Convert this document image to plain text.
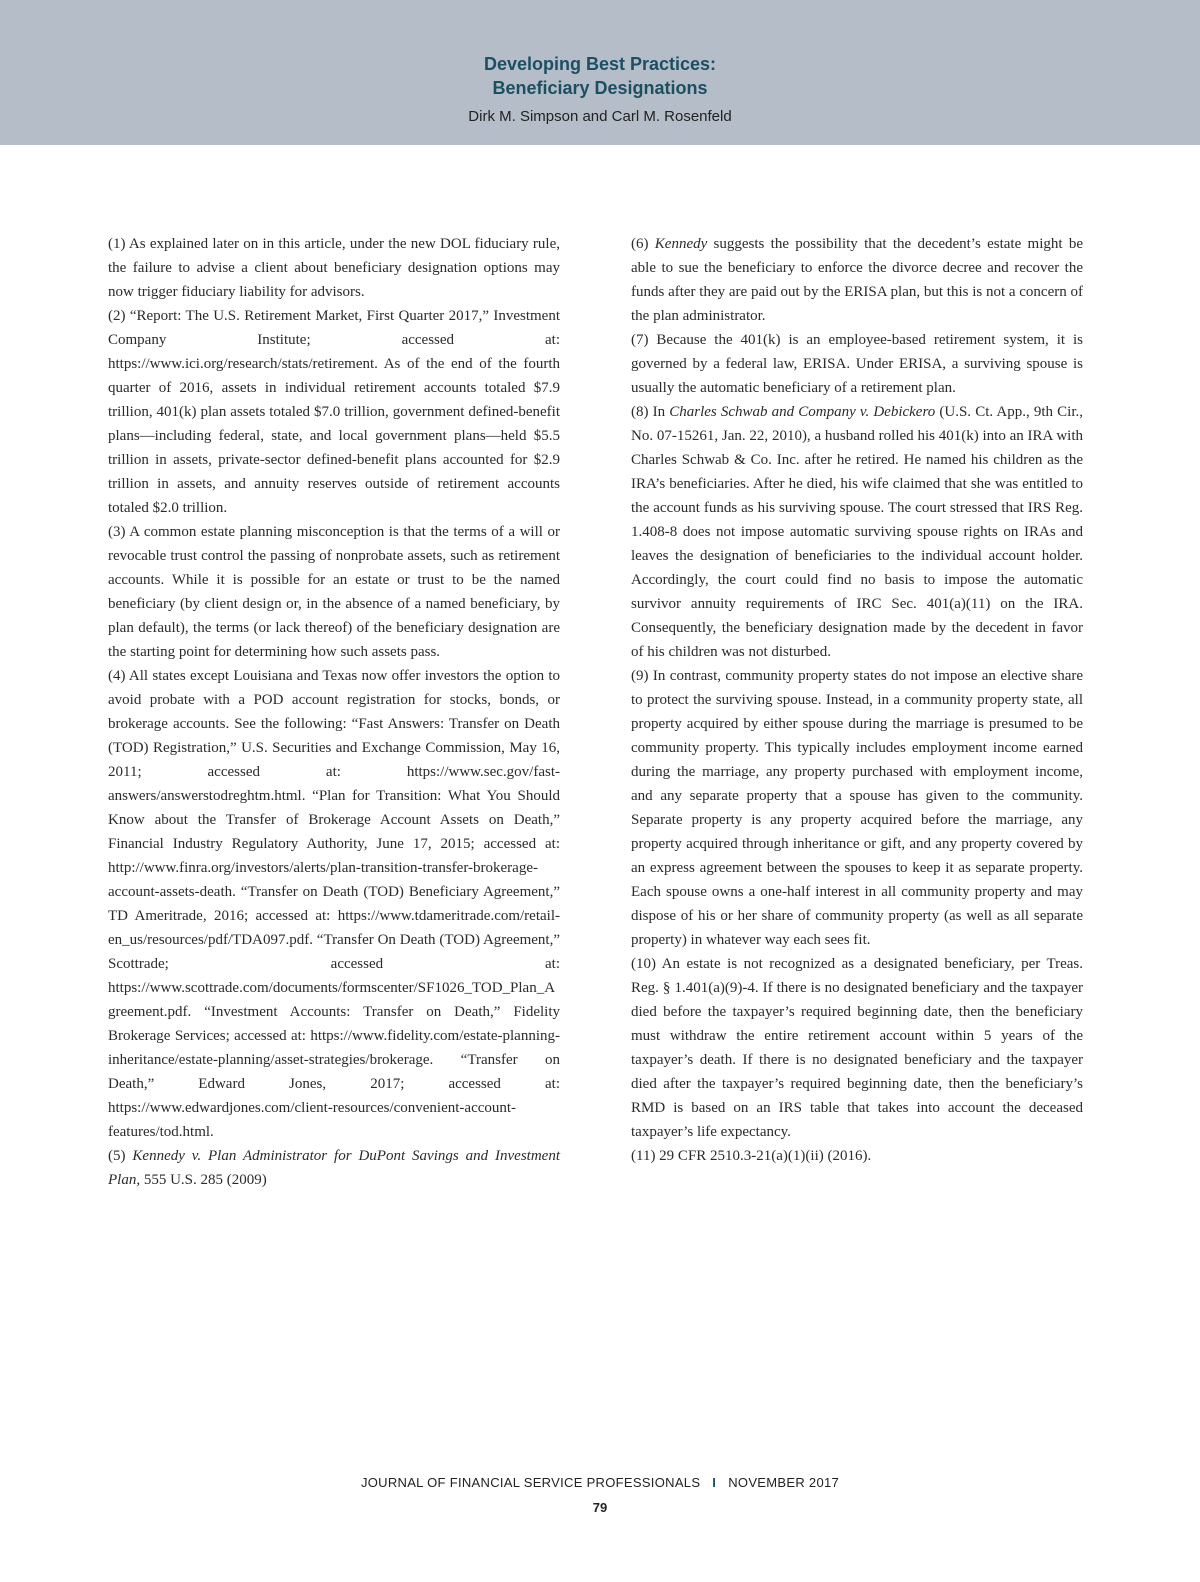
Developing Best Practices:
Beneficiary Designations
Dirk M. Simpson and Carl M. Rosenfeld

(1) As explained later on in this article, under the new DOL fiduciary rule, the failure to advise a client about beneficiary designation options may now trigger fiduciary liability for advisors.

(2) “Report: The U.S. Retirement Market, First Quarter 2017,” Investment Company Institute; accessed at: https://www.ici.org/research/stats/retirement. As of the end of the fourth quarter of 2016, assets in individual retirement accounts totaled $7.9 trillion, 401(k) plan assets totaled $7.0 trillion, government defined-benefit plans—including federal, state, and local government plans—held $5.5 trillion in assets, private-sector defined-benefit plans accounted for $2.9 trillion in assets, and annuity reserves outside of retirement accounts totaled $2.0 trillion.

(3) A common estate planning misconception is that the terms of a will or revocable trust control the passing of nonprobate assets, such as retirement accounts. While it is possible for an estate or trust to be the named beneficiary (by client design or, in the absence of a named beneficiary, by plan default), the terms (or lack thereof) of the beneficiary designation are the starting point for determining how such assets pass.

(4) All states except Louisiana and Texas now offer investors the option to avoid probate with a POD account registration for stocks, bonds, or brokerage accounts. See the following: “Fast Answers: Transfer on Death (TOD) Registration,” U.S. Securities and Exchange Commission, May 16, 2011; accessed at: https://www.sec.gov/fast-answers/answerstodreghtm.html. “Plan for Transition: What You Should Know about the Transfer of Brokerage Account Assets on Death,” Financial Industry Regulatory Authority, June 17, 2015; accessed at: http://www.finra.org/investors/alerts/plan-transition-transfer-brokerage-account-assets-death. “Transfer on Death (TOD) Beneficiary Agreement,” TD Ameritrade, 2016; accessed at: https://www.tdameritrade.com/retail-en_us/resources/pdf/TDA097.pdf. “Transfer On Death (TOD) Agreement,” Scottrade; accessed at: https://www.scottrade.com/documents/formscenter/SF1026_TOD_Plan_Agreement.pdf. “Investment Accounts: Transfer on Death,” Fidelity Brokerage Services; accessed at: https://www.fidelity.com/estate-planning-inheritance/estate-planning/asset-strategies/brokerage. “Transfer on Death,” Edward Jones, 2017; accessed at: https://www.edwardjones.com/client-resources/convenient-account-features/tod.html.

(5) Kennedy v. Plan Administrator for DuPont Savings and Investment Plan, 555 U.S. 285 (2009)

(6) Kennedy suggests the possibility that the decedent’s estate might be able to sue the beneficiary to enforce the divorce decree and recover the funds after they are paid out by the ERISA plan, but this is not a concern of the plan administrator.

(7) Because the 401(k) is an employee-based retirement system, it is governed by a federal law, ERISA. Under ERISA, a surviving spouse is usually the automatic beneficiary of a retirement plan.

(8) In Charles Schwab and Company v. Debickero (U.S. Ct. App., 9th Cir., No. 07-15261, Jan. 22, 2010), a husband rolled his 401(k) into an IRA with Charles Schwab & Co. Inc. after he retired. He named his children as the IRA’s beneficiaries. After he died, his wife claimed that she was entitled to the account funds as his surviving spouse. The court stressed that IRS Reg. 1.408-8 does not impose automatic surviving spouse rights on IRAs and leaves the designation of beneficiaries to the individual account holder. Accordingly, the court could find no basis to impose the automatic survivor annuity requirements of IRC Sec. 401(a)(11) on the IRA. Consequently, the beneficiary designation made by the decedent in favor of his children was not disturbed.

(9) In contrast, community property states do not impose an elective share to protect the surviving spouse. Instead, in a community property state, all property acquired by either spouse during the marriage is presumed to be community property. This typically includes employment income earned during the marriage, any property purchased with employment income, and any separate property that a spouse has given to the community. Separate property is any property acquired before the marriage, any property acquired through inheritance or gift, and any property covered by an express agreement between the spouses to keep it as separate property. Each spouse owns a one-half interest in all community property and may dispose of his or her share of community property (as well as all separate property) in whatever way each sees fit.

(10) An estate is not recognized as a designated beneficiary, per Treas. Reg. § 1.401(a)(9)-4. If there is no designated beneficiary and the taxpayer died before the taxpayer’s required beginning date, then the beneficiary must withdraw the entire retirement account within 5 years of the taxpayer’s death. If there is no designated beneficiary and the taxpayer died after the taxpayer’s required beginning date, then the beneficiary’s RMD is based on an IRS table that takes into account the deceased taxpayer’s life expectancy.

(11) 29 CFR 2510.3-21(a)(1)(ii) (2016).

JOURNAL OF FINANCIAL SERVICE PROFESSIONALS I NOVEMBER 2017
79
